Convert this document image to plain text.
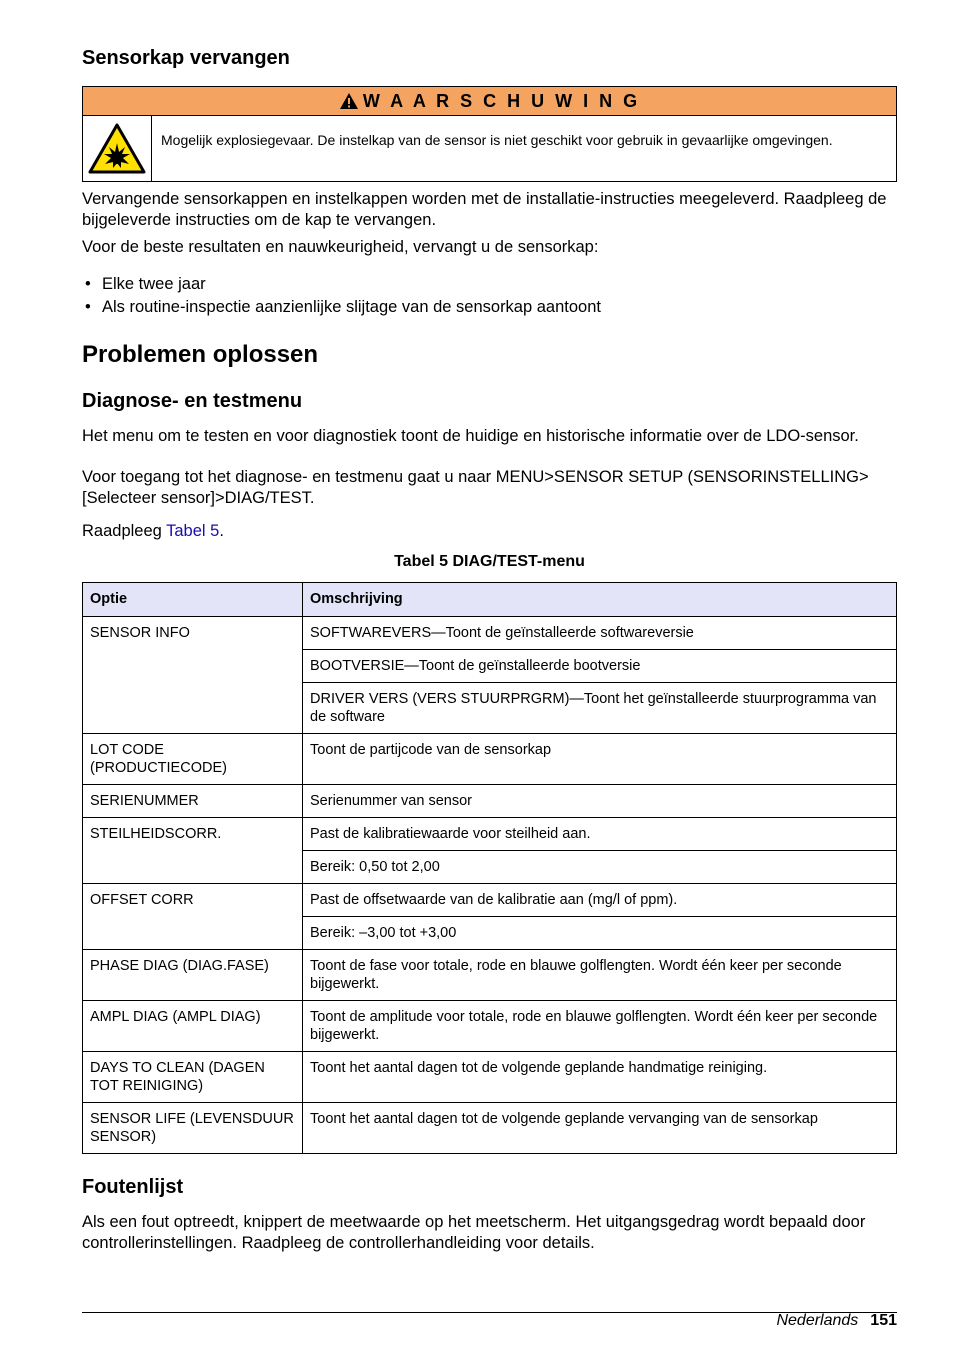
Sensorkap vervangen
W A A R S C H U W I N G
Mogelijk explosiegevaar. De instelkap van de sensor is niet geschikt voor gebruik in gevaarlijke omgevingen.

Vervangende sensorkappen en instelkappen worden met de installatie-instructies meegeleverd. Raadpleeg de bijgeleverde instructies om de kap te vervangen.

Voor de beste resultaten en nauwkeurigheid, vervangt u de sensorkap:

• Elke twee jaar
• Als routine-inspectie aanzienlijke slijtage van de sensorkap aantoont
Problemen oplossen
Diagnose- en testmenu

Het menu om te testen en voor diagnostiek toont de huidige en historische informatie over de LDO-sensor.

Voor toegang tot het diagnose- en testmenu gaat u naar MENU>SENSOR SETUP (SENSORINSTELLING>[Selecteer sensor]>DIAG/TEST.

Raadpleeg Tabel 5.

Tabel 5 DIAG/TEST-menu
Optie	Omschrijving
SENSOR INFO	SOFTWAREVERS—Toont de geïnstalleerde softwareversie
	BOOTVERSIE—Toont de geïnstalleerde bootversie
	DRIVER VERS (VERS STUURPRGRM)—Toont het geïnstalleerde stuurprogramma van de software
LOT CODE (PRODUCTIECODE)	Toont de partijcode van de sensorkap
SERIENUMMER	Serienummer van sensor
STEILHEIDSCORR.	Past de kalibratiewaarde voor steilheid aan.
	Bereik: 0,50 tot 2,00
OFFSET CORR	Past de offsetwaarde van de kalibratie aan (mg/l of ppm).
	Bereik: –3,00 tot +3,00
PHASE DIAG (DIAG.FASE)	Toont de fase voor totale, rode en blauwe golflengten. Wordt één keer per seconde bijgewerkt.
AMPL DIAG (AMPL DIAG)	Toont de amplitude voor totale, rode en blauwe golflengten. Wordt één keer per seconde bijgewerkt.
DAYS TO CLEAN (DAGEN TOT REINIGING)	Toont het aantal dagen tot de volgende geplande handmatige reiniging.
SENSOR LIFE (LEVENSDUUR SENSOR)	Toont het aantal dagen tot de volgende geplande vervanging van de sensorkap
Foutenlijst

Als een fout optreedt, knippert de meetwaarde op het meetscherm. Het uitgangsgedrag wordt bepaald door controllerinstellingen. Raadpleeg de controllerhandleiding voor details.

Nederlands 151
